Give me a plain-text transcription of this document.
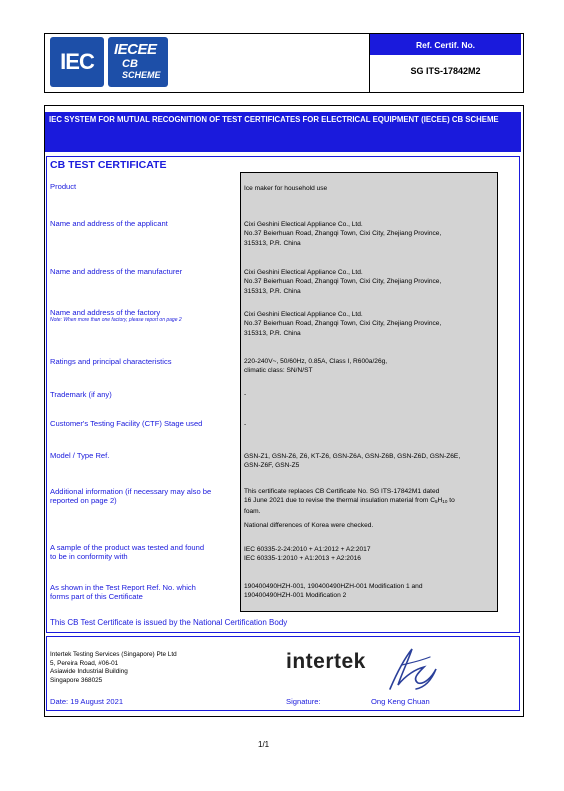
IEC IECEE
CB
SCHEME
Ref. Certif. No.
SG ITS-17842M2
IEC SYSTEM FOR MUTUAL RECOGNITION OF TEST CERTIFICATES FOR ELECTRICAL EQUIPMENT (IECEE) CB SCHEME
CB TEST CERTIFICATE
Product
Name and address of the applicant
Name and address of the manufacturer
Name and address of the factory
Note: When more than one factory, please report on page 2
Ratings and principal characteristics
Trademark (if any)
Customer's Testing Facility (CTF) Stage used
Model / Type Ref.
Additional information (if necessary may also be
reported on page 2)
A sample of the product was tested and found
to be in conformity with
As shown in the Test Report Ref. No. which
forms part of this Certificate
Ice maker for household use
Cixi Geshini Electical Appliance Co., Ltd.
No.37 Beierhuan Road, Zhangqi Town, Cixi City, Zhejiang Province,
315313, P.R. China
Cixi Geshini Electical Appliance Co., Ltd.
No.37 Beierhuan Road, Zhangqi Town, Cixi City, Zhejiang Province,
315313, P.R. China
Cixi Geshini Electical Appliance Co., Ltd.
No.37 Beierhuan Road, Zhangqi Town, Cixi City, Zhejiang Province,
315313, P.R. China
220-240V~, 50/60Hz, 0.85A, Class I, R600a/26g,
climatic class: SN/N/ST
-
-
GSN-Z1, GSN-Z6, Z6, KT-Z6, GSN-Z6A, GSN-Z6B, GSN-Z6D, GSN-Z6E,
GSN-Z6F, GSN-Z5
This certificate replaces CB Certificate No. SG ITS-17842M1 dated
16 June 2021 due to revise the thermal insulation material from $C_5H_{10}$ to
foam.
National differences of Korea were checked.
IEC 60335-2-24:2010 + A1:2012 + A2:2017
IEC 60335-1:2010 + A1:2013 + A2:2016
190400490HZH-001, 190400490HZH-001 Modification 1 and
190400490HZH-001 Modification 2
This CB Test Certificate is issued by the National Certification Body
Intertek Testing Services (Singapore) Pte Ltd
5, Pereira Road, #06-01
Asiawide Industrial Building
Singapore 368025
intertek
Date: 19 August 2021	Signature:	Ong Keng Chuan
1/1
